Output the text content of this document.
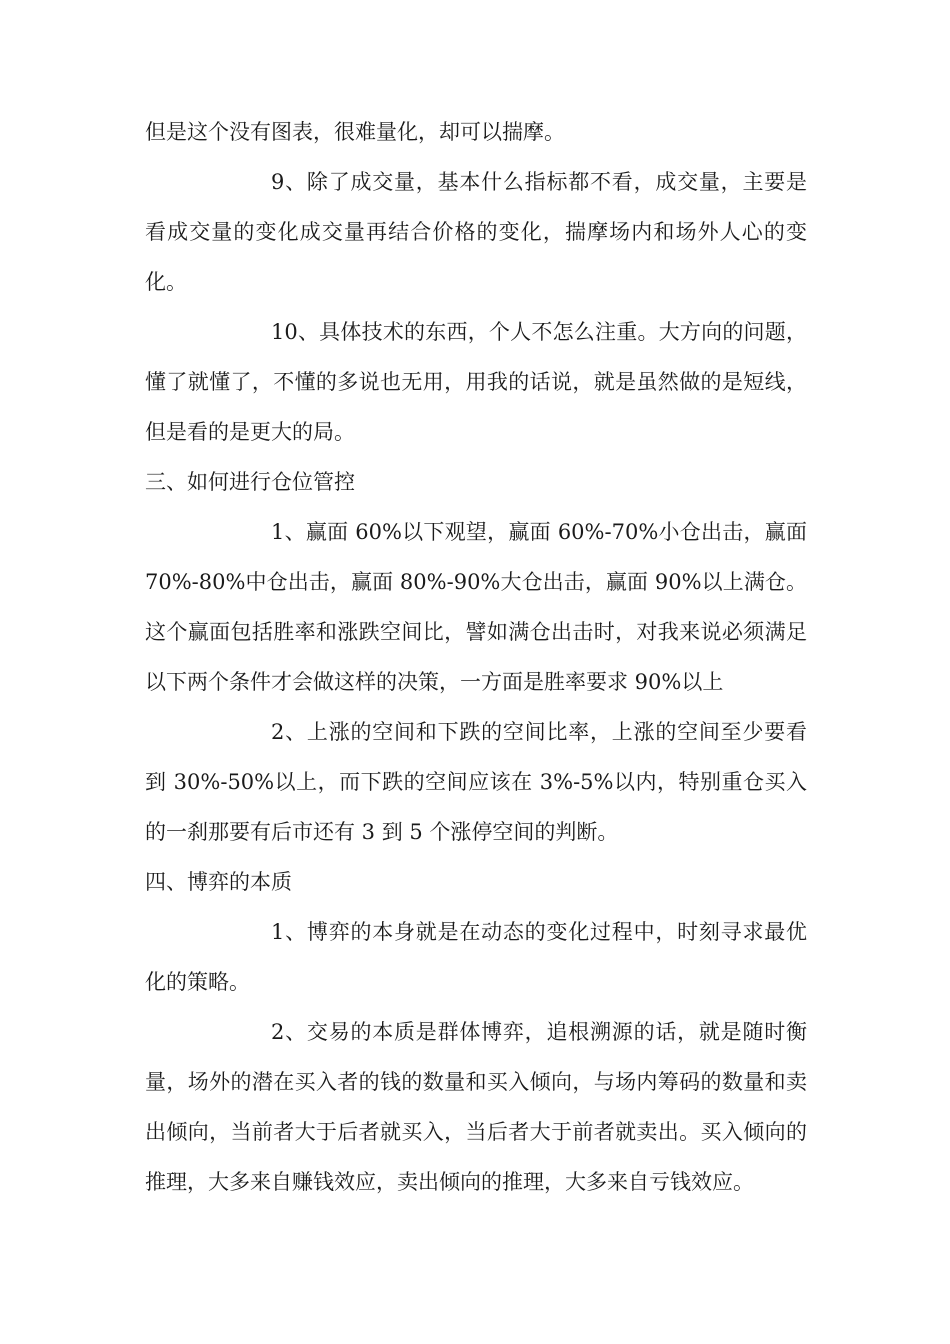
但是这个没有图表，很难量化，却可以揣摩。

9、除了成交量，基本什么指标都不看，成交量，主要是看成交量的变化成交量再结合价格的变化，揣摩场内和场外人心的变化。

10、具体技术的东西，个人不怎么注重。大方向的问题，懂了就懂了，不懂的多说也无用，用我的话说，就是虽然做的是短线，但是看的是更大的局。

三、如何进行仓位管控

1、赢面 60%以下观望，赢面 60%-70%小仓出击，赢面70%-80%中仓出击，赢面 80%-90%大仓出击，赢面 90%以上满仓。这个赢面包括胜率和涨跌空间比，譬如满仓出击时，对我来说必须满足以下两个条件才会做这样的决策，一方面是胜率要求 90%以上

2、上涨的空间和下跌的空间比率，上涨的空间至少要看到 30%-50%以上，而下跌的空间应该在 3%-5%以内，特别重仓买入的一刹那要有后市还有 3 到 5 个涨停空间的判断。

四、博弈的本质

1、博弈的本身就是在动态的变化过程中，时刻寻求最优化的策略。

2、交易的本质是群体博弈，追根溯源的话，就是随时衡量，场外的潜在买入者的钱的数量和买入倾向，与场内筹码的数量和卖出倾向，当前者大于后者就买入，当后者大于前者就卖出。买入倾向的推理，大多来自赚钱效应，卖出倾向的推理，大多来自亏钱效应。
